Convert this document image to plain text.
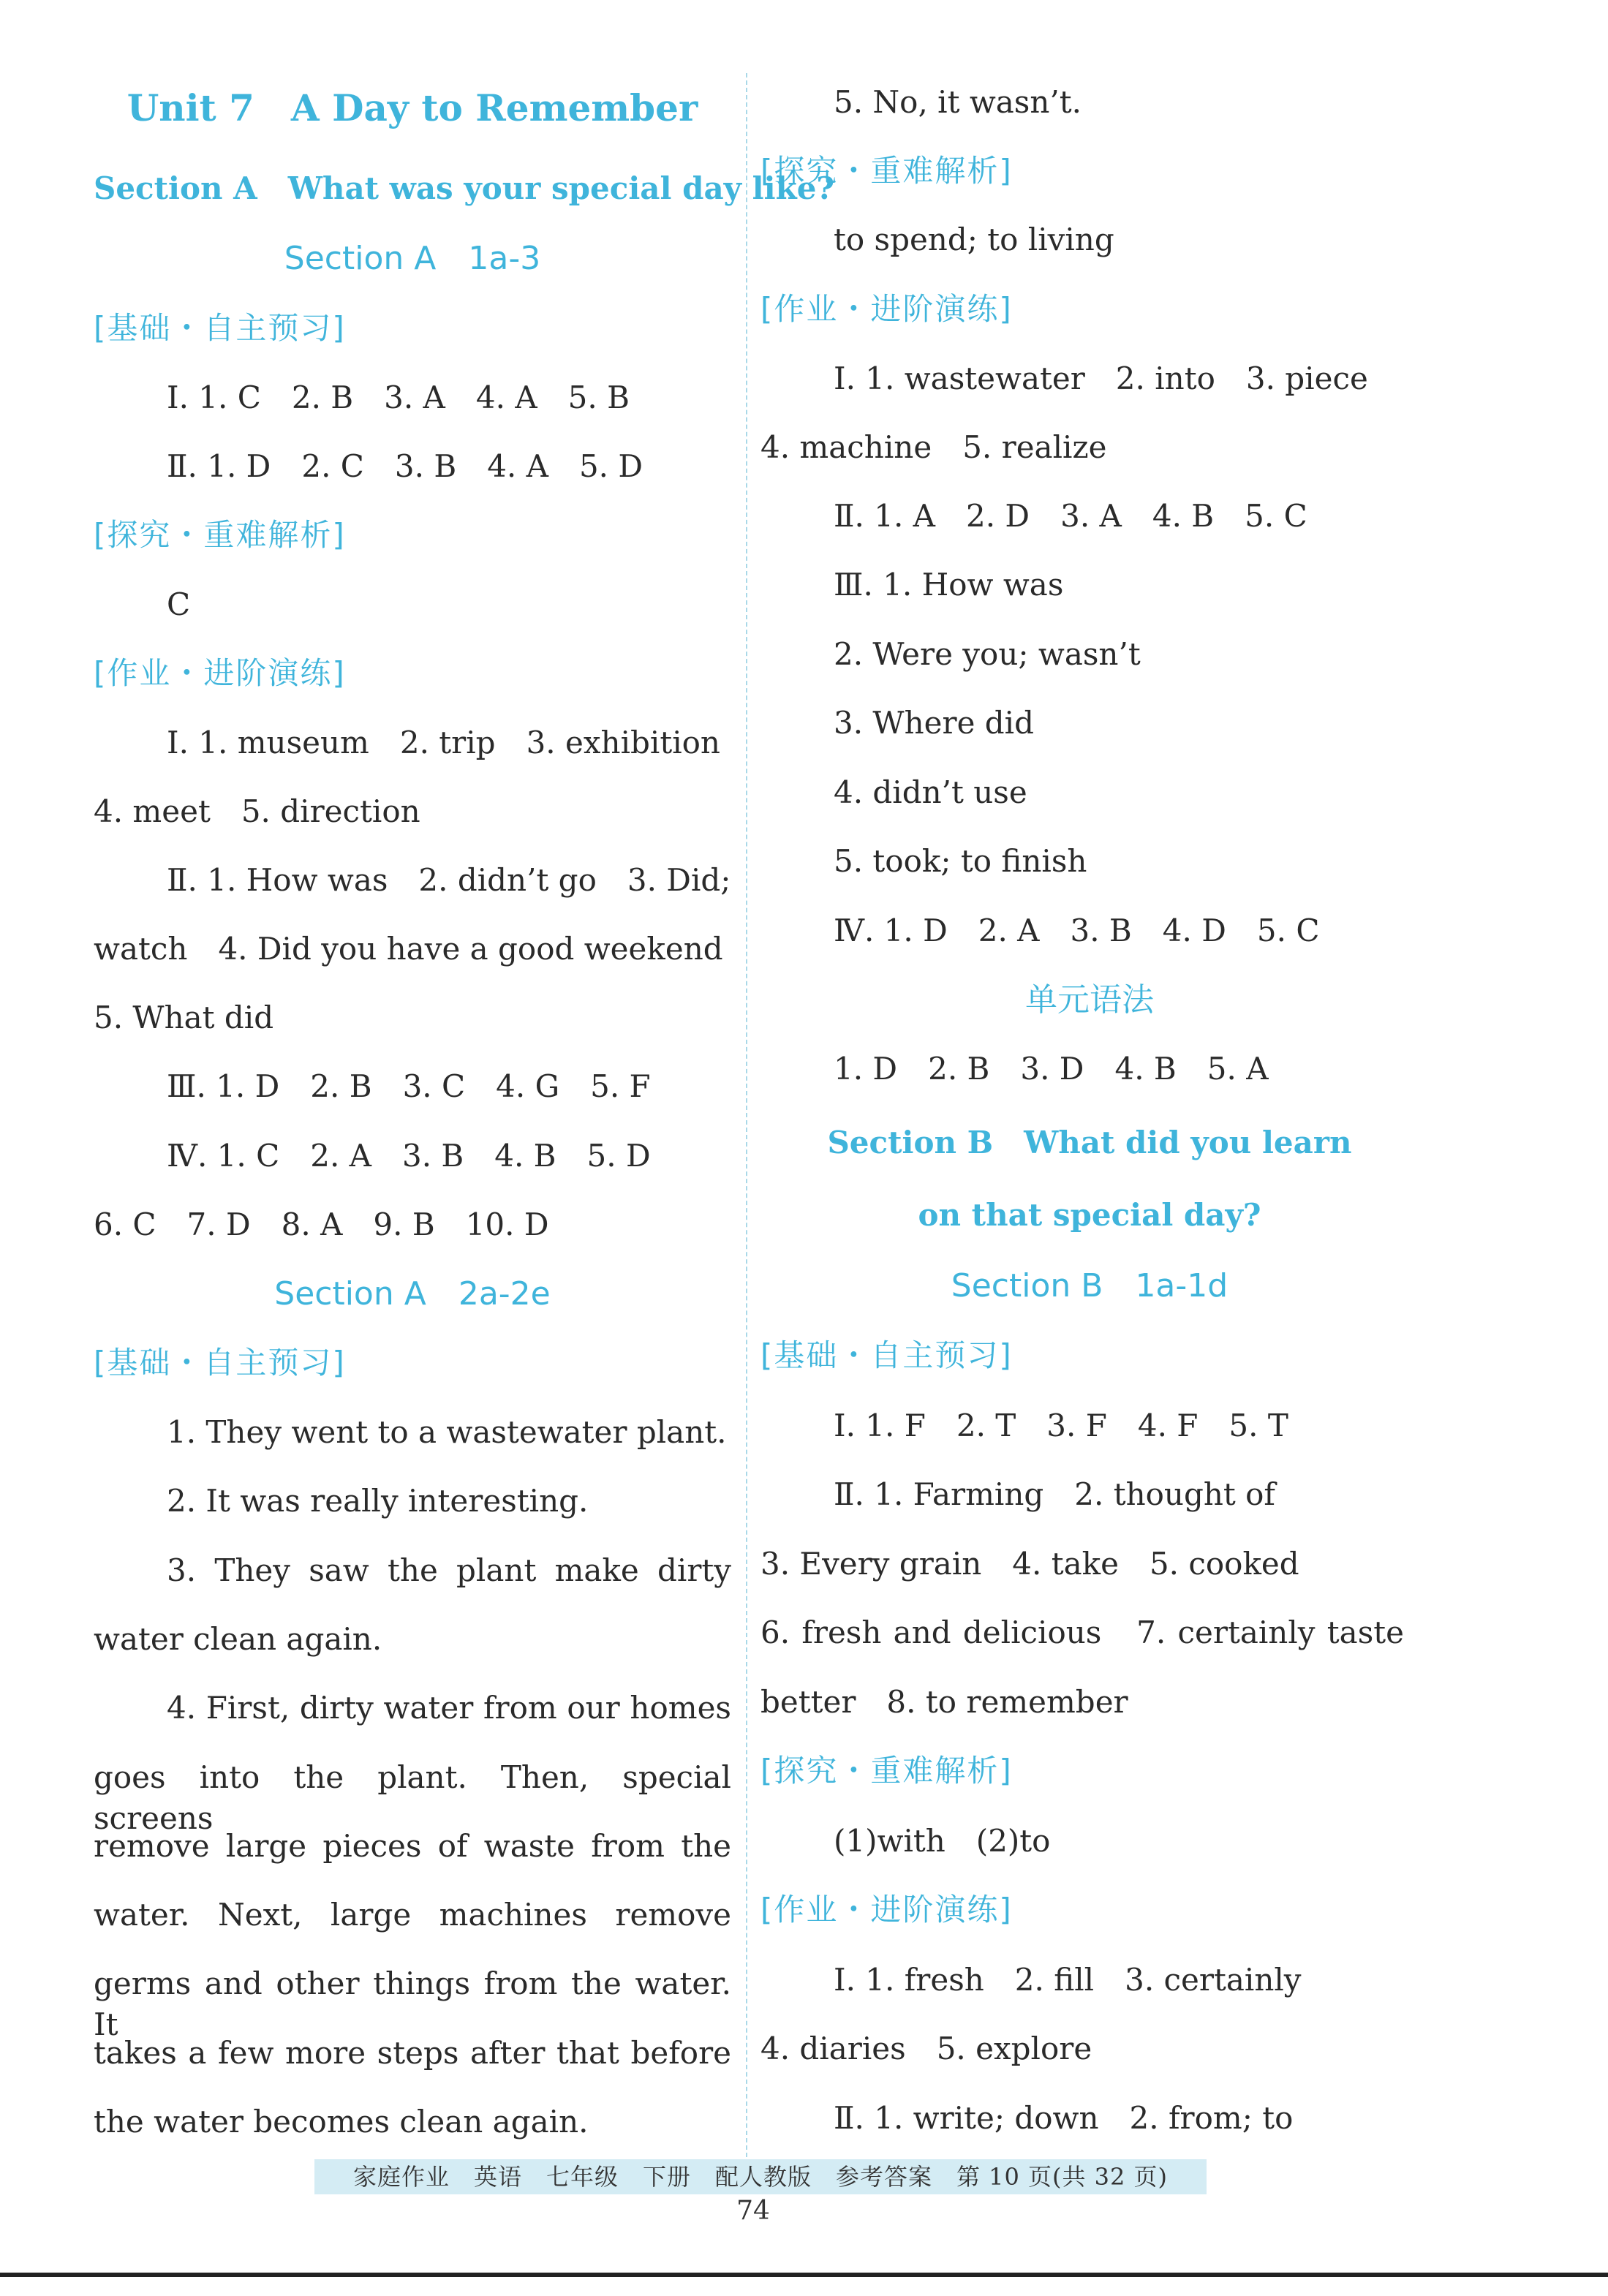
Unit 7　A Day to Remember
Section A　What was your special day like?
Section A　1a-3
[基础・自主预习]
Ⅰ. 1. C　2. B　3. A　4. A　5. B
Ⅱ. 1. D　2. C　3. B　4. A　5. D
[探究・重难解析]
C
[作业・进阶演练]
Ⅰ. 1. museum　2. trip　3. exhibition
4. meet　5. direction
Ⅱ. 1. How was　2. didn’t go　3. Did;
watch　4. Did you have a good weekend
5. What did
Ⅲ. 1. D　2. B　3. C　4. G　5. F
Ⅳ. 1. C　2. A　3. B　4. B　5. D
6. C　7. D　8. A　9. B　10. D
Section A　2a-2e
[基础・自主预习]
1. They went to a wastewater plant.
2. It was really interesting.
3. They saw the plant make dirty
water clean again.
4. First, dirty water from our homes
goes into the plant. Then, special screens
remove large pieces of waste from the
water. Next, large machines remove
germs and other things from the water. It
takes a few more steps after that before
the water becomes clean again.
5. No, it wasn’t.
[探究・重难解析]
to spend; to living
[作业・进阶演练]
Ⅰ. 1. wastewater　2. into　3. piece
4. machine　5. realize
Ⅱ. 1. A　2. D　3. A　4. B　5. C
Ⅲ. 1. How was
2. Were you; wasn’t
3. Where did
4. didn’t use
5. took; to finish
Ⅳ. 1. D　2. A　3. B　4. D　5. C
单元语法
1. D　2. B　3. D　4. B　5. A
Section B　What did you learn
on that special day?
Section B　1a-1d
[基础・自主预习]
Ⅰ. 1. F　2. T　3. F　4. F　5. T
Ⅱ. 1. Farming　2. thought of
3. Every grain　4. take　5. cooked
6. fresh and delicious　7. certainly taste
better　8. to remember
[探究・重难解析]
(1)with　(2)to
[作业・进阶演练]
Ⅰ. 1. fresh　2. fill　3. certainly
4. diaries　5. explore
Ⅱ. 1. write; down　2. from; to
家庭作业　英语　七年级　下册　配人教版　参考答案　第 10 页(共 32 页)
74
